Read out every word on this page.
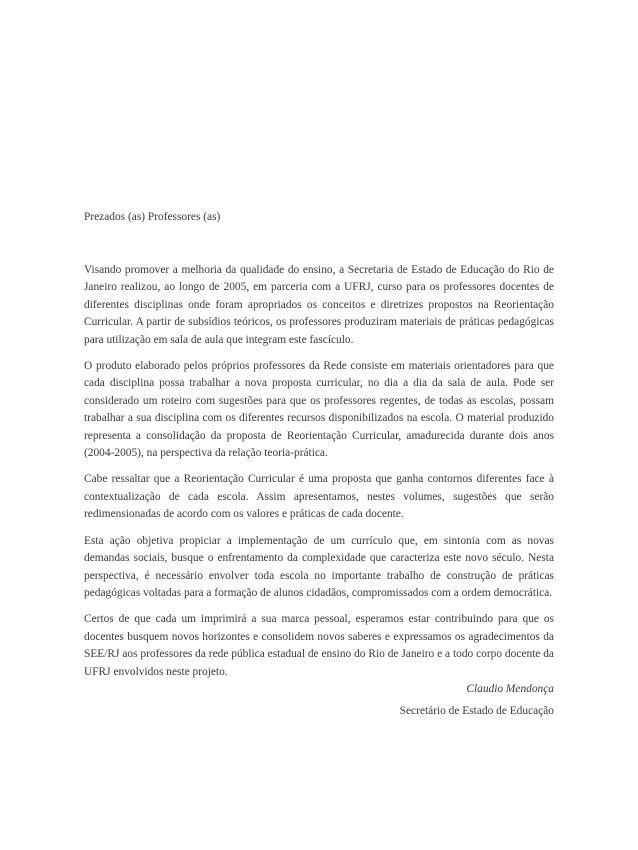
Prezados (as) Professores (as)

Visando promover a melhoria da qualidade do ensino, a Secretaria de Estado de Educação do Rio de Janeiro realizou, ao longo de 2005, em parceria com a UFRJ, curso para os professores docentes de diferentes disciplinas onde foram apropriados os conceitos e diretrizes propostos na Reorientação Curricular. A partir de subsídios teóricos, os professores produziram materiais de práticas pedagógicas para utilização em sala de aula que integram este fascículo.

O produto elaborado pelos próprios professores da Rede consiste em materiais orientadores para que cada disciplina possa trabalhar a nova proposta curricular, no dia a dia da sala de aula. Pode ser considerado um roteiro com sugestões para que os professores regentes, de todas as escolas, possam trabalhar a sua disciplina com os diferentes recursos disponibilizados na escola. O material produzido representa a consolidação da proposta de Reorientação Curricular, amadurecida durante dois anos (2004-2005), na perspectiva da relação teoria-prática.

Cabe ressaltar que a Reorientação Curricular é uma proposta que ganha contornos diferentes face à contextualização de cada escola. Assim apresentamos, nestes volumes, sugestões que serão redimensionadas de acordo com os valores e práticas de cada docente.

Esta ação objetiva propiciar a implementação de um currículo que, em sintonia com as novas demandas sociais, busque o enfrentamento da complexidade que caracteriza este novo século. Nesta perspectiva, é necessário envolver toda escola no importante trabalho de construção de práticas pedagógicas voltadas para a formação de alunos cidadãos, compromissados com a ordem democrática.

Certos de que cada um imprimirá a sua marca pessoal, esperamos estar contribuindo para que os docentes busquem novos horizontes e consolidem novos saberes e expressamos os agradecimentos da SEE/RJ aos professores da rede pública estadual de ensino do Rio de Janeiro e a todo corpo docente da UFRJ envolvidos neste projeto.

Claudio Mendonça

Secretário de Estado de Educação
